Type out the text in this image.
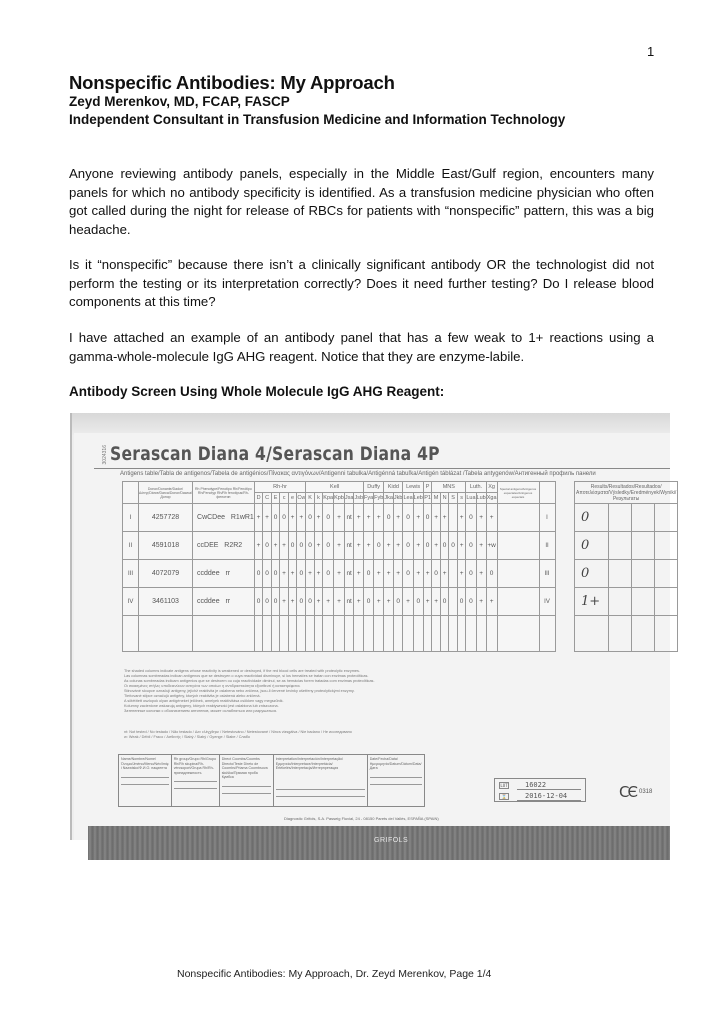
1
Nonspecific Antibodies: My Approach
Zeyd Merenkov, MD, FCAP, FASCP
Independent Consultant in Transfusion Medicine and Information Technology

Anyone reviewing antibody panels, especially in the Middle East/Gulf region, encounters many panels for which no antibody specificity is identified. As a transfusion medicine physician who often got called during the night for release of RBCs for patients with “nonspecific” pattern, this was a big headache.

Is it “nonspecific” because there isn’t a clinically significant antibody OR the technologist did not perform the testing or its interpretation correctly? Does it need further testing? Do I release blood components at this time?

I have attached an example of an antibody panel that has a few weak to 1+ reactions using a gamma-whole-molecule IgG AHG reagent. Notice that they are enzyme-labile.

Antibody Screen Using Whole Molecule IgG AHG Reagent:
3024316 Serascan Diana 4/Serascan Diana 4P
Antigens table/Tabla de antigenos/Tabela de antigénios/Πίνακας αντιγόνων/Antigenni tabulka/Antigénná tabuľka/Antigén táblázat /Tabela antygenów/Антигенный профиль панели
	Donor/Donante/Dador/Δότης/Dárce/Darca/Donor/Dawca/Донор	Rh Phenotype/Fenotipo Rh/Fenótipo Rh/Fenotyp Rh/Rh fenotípus/Rh-фенотип	Rh-hr						Kell						Duffy		Kidd		Lewis		P	MNS				Luth.		Xg	Special antigens/Antígenos especiales/Antígenos especiais	
			D	C	E	c	e	Cw	K	k	Kpa	Kpb	Jsa	Jsb	Fya	Fyb	Jka	Jkb	Lea	Leb	P1	M	N	S	s	Lua	Lub	Xga		
I	4257728	CwCDee R1wR1	+	+	0	0	+	+	0	+	0	+	nt	+	+	+	0	+	0	+	0	+	+		+	0	+	+		I
II	4591018	ccDEE R2R2	+	0	+	+	0	0	0	+	0	+	nt	+	+	0	+	+	0	+	0	+	0	0	+	0	+	+w		II
III	4072079	ccddee rr	0	0	0	+	+	0	+	+	0	+	nt	+	0	+	+	+	0	+	+	0	+		+	0	+	0		III
IV	3461103	ccddee rr	0	0	0	+	+	0	0	+	+	+	nt	+	0	+	+	0	+	0	+	+	0		0	0	+	+		IV

Results/Resultados/Resultados/Αποτελέσματα/Výsledky/Eredmények/Wyniki/Результаты			
0			
0			
0			
1+			

The shaded columns indicate antigens whose reactivity is weakened or destroyed, if the red blood cells are treated with proteolytic enzymes.
Las columnas sombreadas indican antígenos que se destruyen o cuya reactividad disminuye, si los hematíes se tratan con enzimas proteolíticas.
As colunas sombreadas indicam antígenios que se destroem ou cuja reactividade diminui, se as hemácias forem tratadas com enzimas proteolíticas.
Οι σκιασμένες στήλες υποδεικνύουν αντιγόνα των οποίων η αντιδραστικότητα εξασθενεί ή καταστρέφεται.
Stinováné sloupce označují antigeny, jejichž reaktivita je oslabena nebo zničena, jsou-li červené krvinky ošetřeny proteolytickými enzymy.
Tieňované stĺpce označujú antigény, ktorých reaktivita je oslabená alebo zničená.
A sötétített oszlopok olyan antigéneket jelölnek, amelyek reaktivitása csökken vagy megszűnik.
Kolumny zacienione wskazują antygeny, których reaktywność jest osłabiona lub zniszczona.
Затененные колонки с обозначением антигенов, может ослабляться или разрушаться.
nt: Not tested / No testado / Não testado / Δεν ελέγχθηκε / Netestováno / Netestované / Nincs vizsgálva / Nie badano / Не исследовано
w: Weak / Débil / Fraco / Ασθενής / Slabý / Slabý / Gyenge / Słabe / Слабо
Name/Nombre/Nome/Όνομα/Jméno/Meno/Név/Imię i Nazwisko/Ф.И.О. пациента
	Rh group/Grupo Rh/Grupo Rh/Rh skupina/Rh-vércsoport/Grupa Rh/Rh-принадлежность
	Direct Coombs/Coombs Directo/Teste Direto de Coombs/Priama Coombsova skúška/Прямая проба Кумбса
	Interpretation/Interpretación/Interpretação/Ερμηνεία/Interpretace/Interpretácia/Értékelés/Interpretacja/Интерпретация
	Date/Fecha/Data/Ημερομηνία/Datum/Dátum/Data/Дата
LOT	16022
⌛	2016-12-04	CЄ 0318
Diagnostic Grifols, S.A. Passeig Fluvial, 24 - 08150 Parets del Vallès, ESPAÑA (SPAIN)
GRIFOLS
Nonspecific Antibodies: My Approach, Dr. Zeyd Merenkov, Page 1/4
